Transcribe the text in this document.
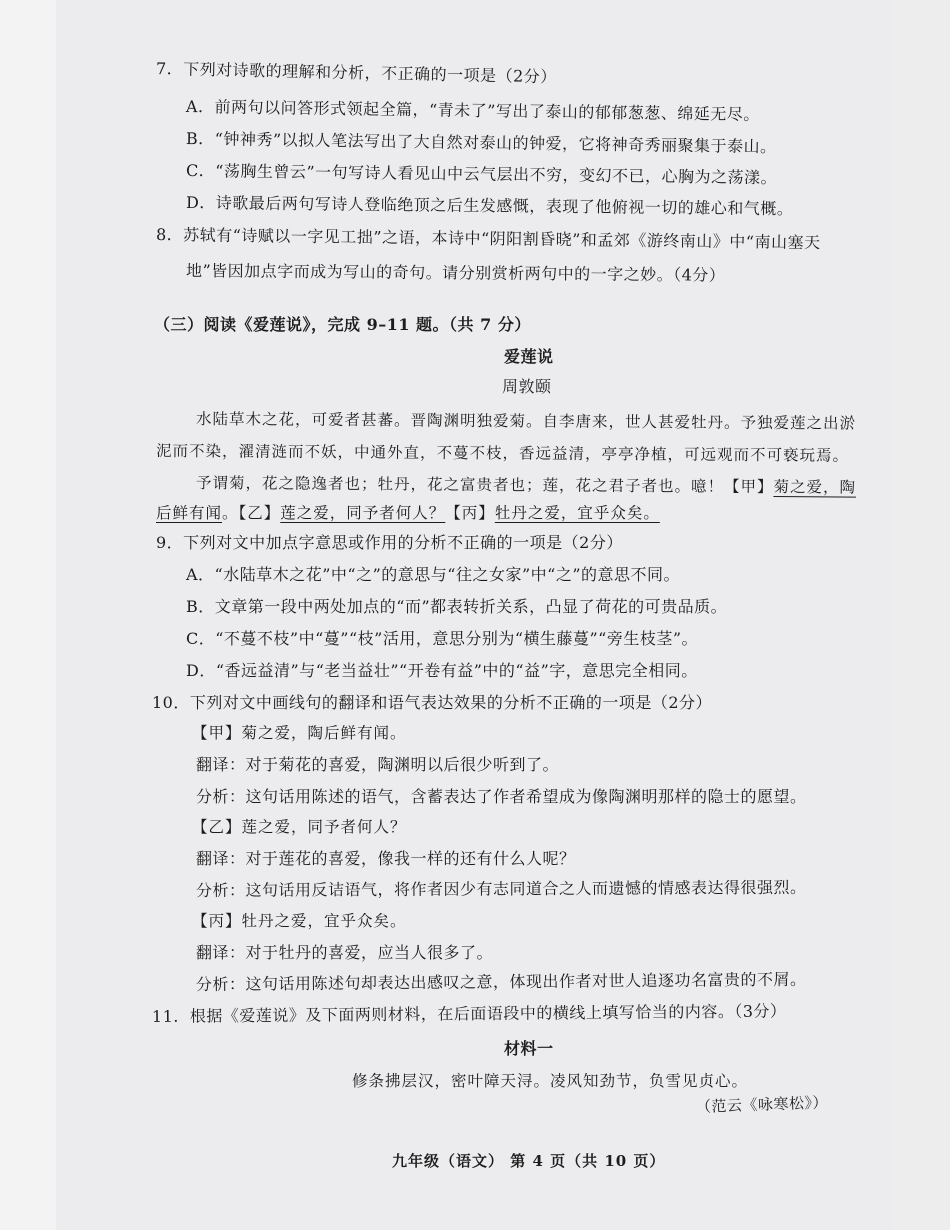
7．下列对诗歌的理解和分析，不正确的一项是（2分）
A．前两句以问答形式领起全篇，“青未了”写出了泰山的郁郁葱葱、绵延无尽。
B．“钟神秀”以拟人笔法写出了大自然对泰山的钟爱，它将神奇秀丽聚集于泰山。
C．“荡胸生曾云”一句写诗人看见山中云气层出不穷，变幻不已，心胸为之荡漾。
D．诗歌最后两句写诗人登临绝顶之后生发感慨，表现了他俯视一切的雄心和气概。
8．苏轼有“诗赋以一字见工拙”之语，本诗中“阴阳割昏晓”和孟郊《游终南山》中“南山塞天
地”皆因加点字而成为写山的奇句。请分别赏析两句中的一字之妙。（4分）
（三）阅读《爱莲说》，完成 9–11 题。（共 7 分）
爱莲说
周敦颐
水陆草木之花，可爱者甚蕃。晋陶渊明独爱菊。自李唐来，世人甚爱牡丹。予独爱莲之出淤
泥而不染，濯清涟而不妖，中通外直，不蔓不枝，香远益清，亭亭净植，可远观而不可亵玩焉。
予谓菊，花之隐逸者也；牡丹，花之富贵者也；莲，花之君子者也。噫！【甲】菊之爱，陶
后鲜有闻。【乙】莲之爱，同予者何人？【丙】牡丹之爱，宜乎众矣。
9．下列对文中加点字意思或作用的分析不正确的一项是（2分）
A．“水陆草木之花”中“之”的意思与“往之女家”中“之”的意思不同。
B．文章第一段中两处加点的“而”都表转折关系，凸显了荷花的可贵品质。
C．“不蔓不枝”中“蔓”“枝”活用，意思分别为“横生藤蔓”“旁生枝茎”。
D．“香远益清”与“老当益壮”“开卷有益”中的“益”字，意思完全相同。
10．下列对文中画线句的翻译和语气表达效果的分析不正确的一项是（2分）
【甲】菊之爱，陶后鲜有闻。
翻译：对于菊花的喜爱，陶渊明以后很少听到了。
分析：这句话用陈述的语气，含蓄表达了作者希望成为像陶渊明那样的隐士的愿望。
【乙】莲之爱，同予者何人？
翻译：对于莲花的喜爱，像我一样的还有什么人呢？
分析：这句话用反诘语气，将作者因少有志同道合之人而遗憾的情感表达得很强烈。
【丙】牡丹之爱，宜乎众矣。
翻译：对于牡丹的喜爱，应当人很多了。
分析：这句话用陈述句却表达出感叹之意，体现出作者对世人追逐功名富贵的不屑。
11．根据《爱莲说》及下面两则材料，在后面语段中的横线上填写恰当的内容。（3分）
材料一
修条拂层汉，密叶障天浔。凌风知劲节，负雪见贞心。
（范云《咏寒松》）
九年级（语文） 第 4 页（共 10 页）
